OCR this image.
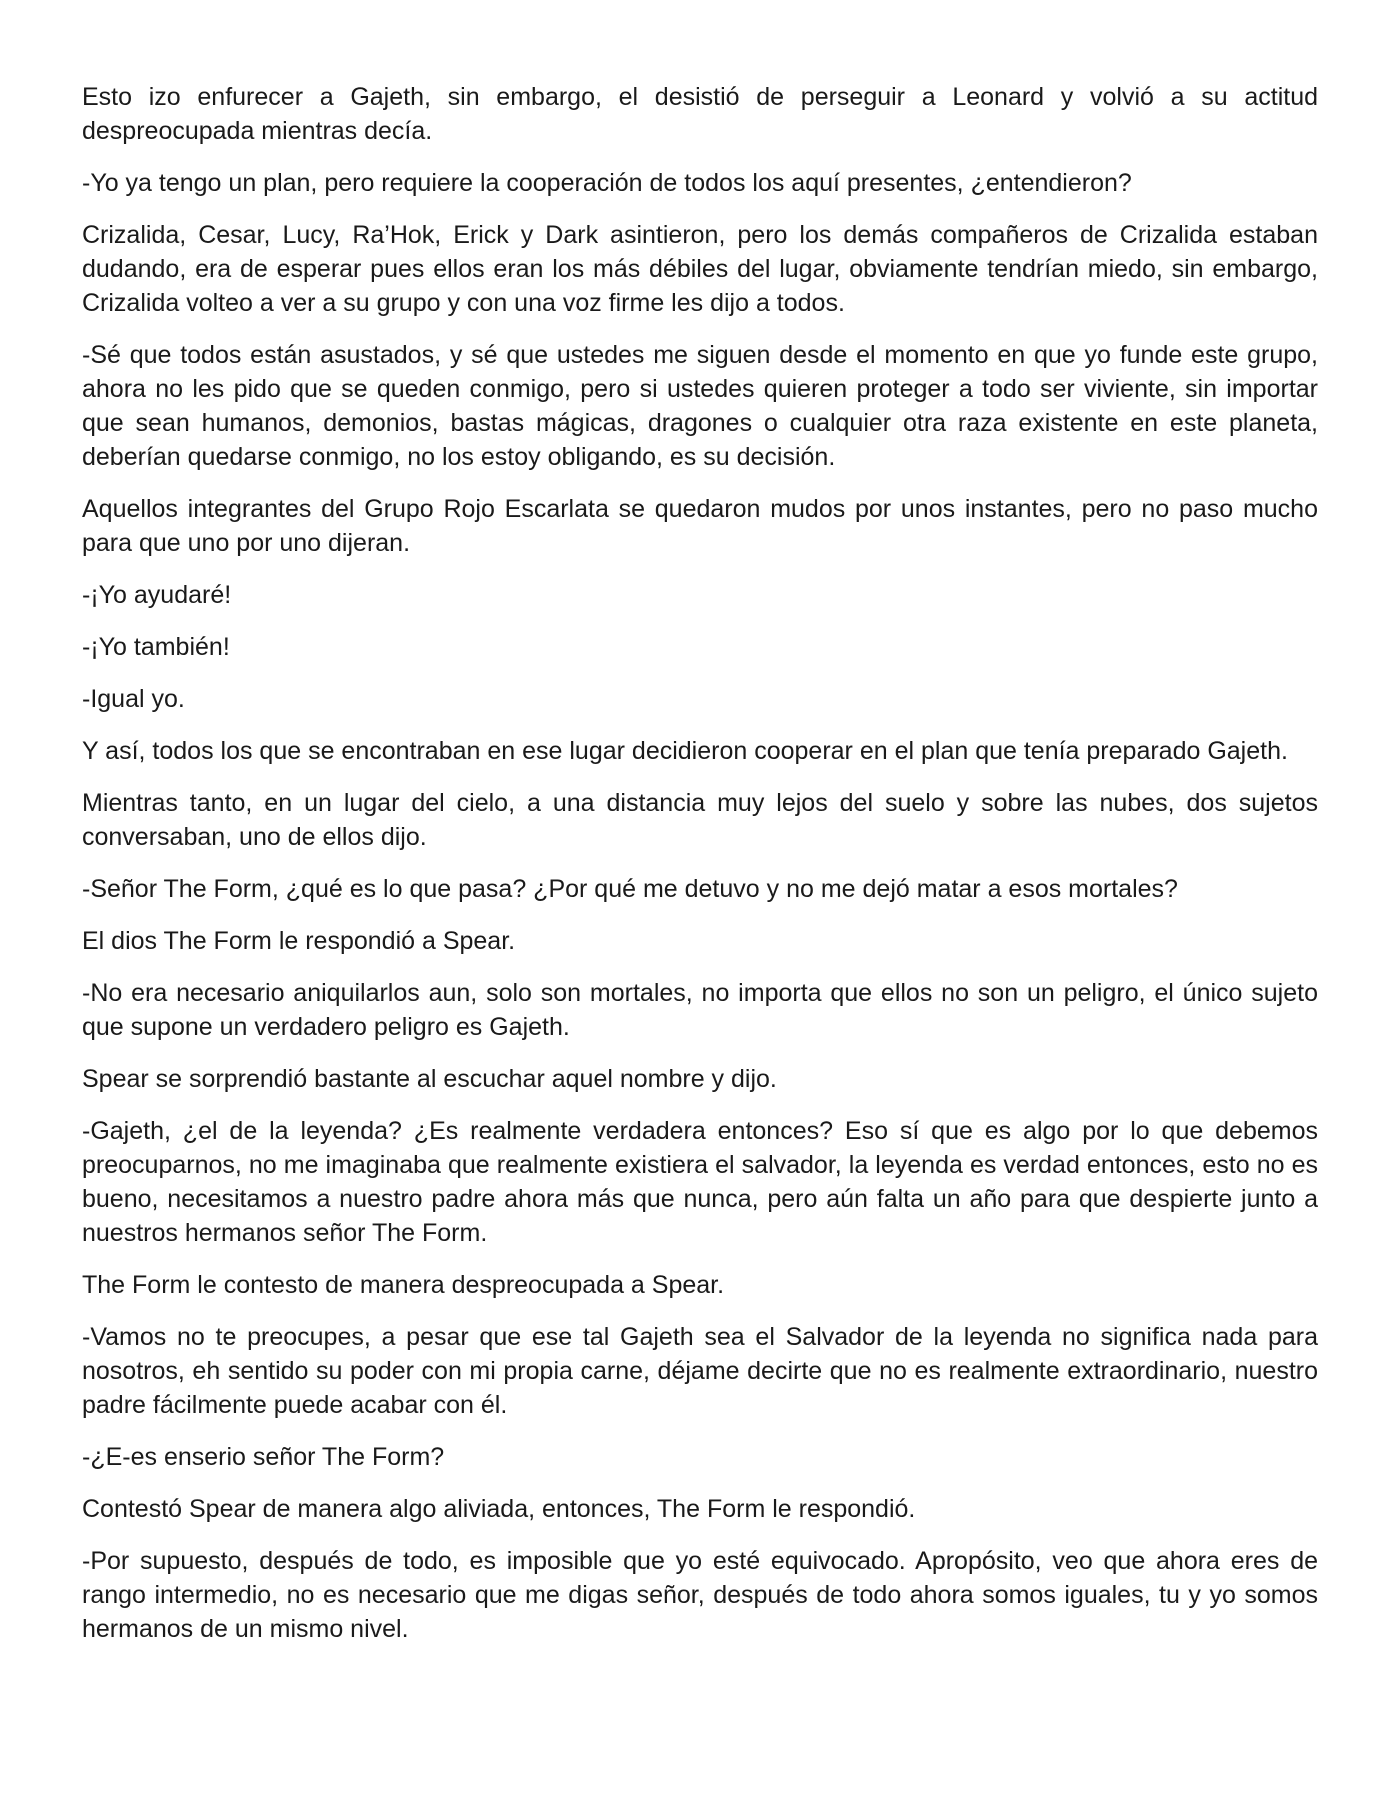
Esto izo enfurecer a Gajeth, sin embargo, el desistió de perseguir a Leonard y volvió a su actitud despreocupada mientras decía.

-Yo ya tengo un plan, pero requiere la cooperación de todos los aquí presentes, ¿entendieron?

Crizalida, Cesar, Lucy, Ra’Hok, Erick y Dark asintieron, pero los demás compañeros de Crizalida estaban dudando, era de esperar pues ellos eran los más débiles del lugar, obviamente tendrían miedo, sin embargo, Crizalida volteo a ver a su grupo y con una voz firme les dijo a todos.

-Sé que todos están asustados, y sé que ustedes me siguen desde el momento en que yo funde este grupo, ahora no les pido que se queden conmigo, pero si ustedes quieren proteger a todo ser viviente, sin importar que sean humanos, demonios, bastas mágicas, dragones o cualquier otra raza existente en este planeta, deberían quedarse conmigo, no los estoy obligando, es su decisión.

Aquellos integrantes del Grupo Rojo Escarlata se quedaron mudos por unos instantes, pero no paso mucho para que uno por uno dijeran.

-¡Yo ayudaré!

-¡Yo también!

-Igual yo.

Y así, todos los que se encontraban en ese lugar decidieron cooperar en el plan que tenía preparado Gajeth.

Mientras tanto, en un lugar del cielo, a una distancia muy lejos del suelo y sobre las nubes, dos sujetos conversaban, uno de ellos dijo.

-Señor The Form, ¿qué es lo que pasa? ¿Por qué me detuvo y no me dejó matar a esos mortales?

El dios The Form le respondió a Spear.

-No era necesario aniquilarlos aun, solo son mortales, no importa que ellos no son un peligro, el único sujeto que supone un verdadero peligro es Gajeth.

Spear se sorprendió bastante al escuchar aquel nombre y dijo.

-Gajeth, ¿el de la leyenda? ¿Es realmente verdadera entonces? Eso sí que es algo por lo que debemos preocuparnos, no me imaginaba que realmente existiera el salvador, la leyenda es verdad entonces, esto no es bueno, necesitamos a nuestro padre ahora más que nunca, pero aún falta un año para que despierte junto a nuestros hermanos señor The Form.

The Form le contesto de manera despreocupada a Spear.

-Vamos no te preocupes, a pesar que ese tal Gajeth sea el Salvador de la leyenda no significa nada para nosotros, eh sentido su poder con mi propia carne, déjame decirte que no es realmente extraordinario, nuestro padre fácilmente puede acabar con él.

-¿E-es enserio señor The Form?

Contestó Spear de manera algo aliviada, entonces, The Form le respondió.

-Por supuesto, después de todo, es imposible que yo esté equivocado. Apropósito, veo que ahora eres de rango intermedio, no es necesario que me digas señor, después de todo ahora somos iguales, tu y yo somos hermanos de un mismo nivel.
